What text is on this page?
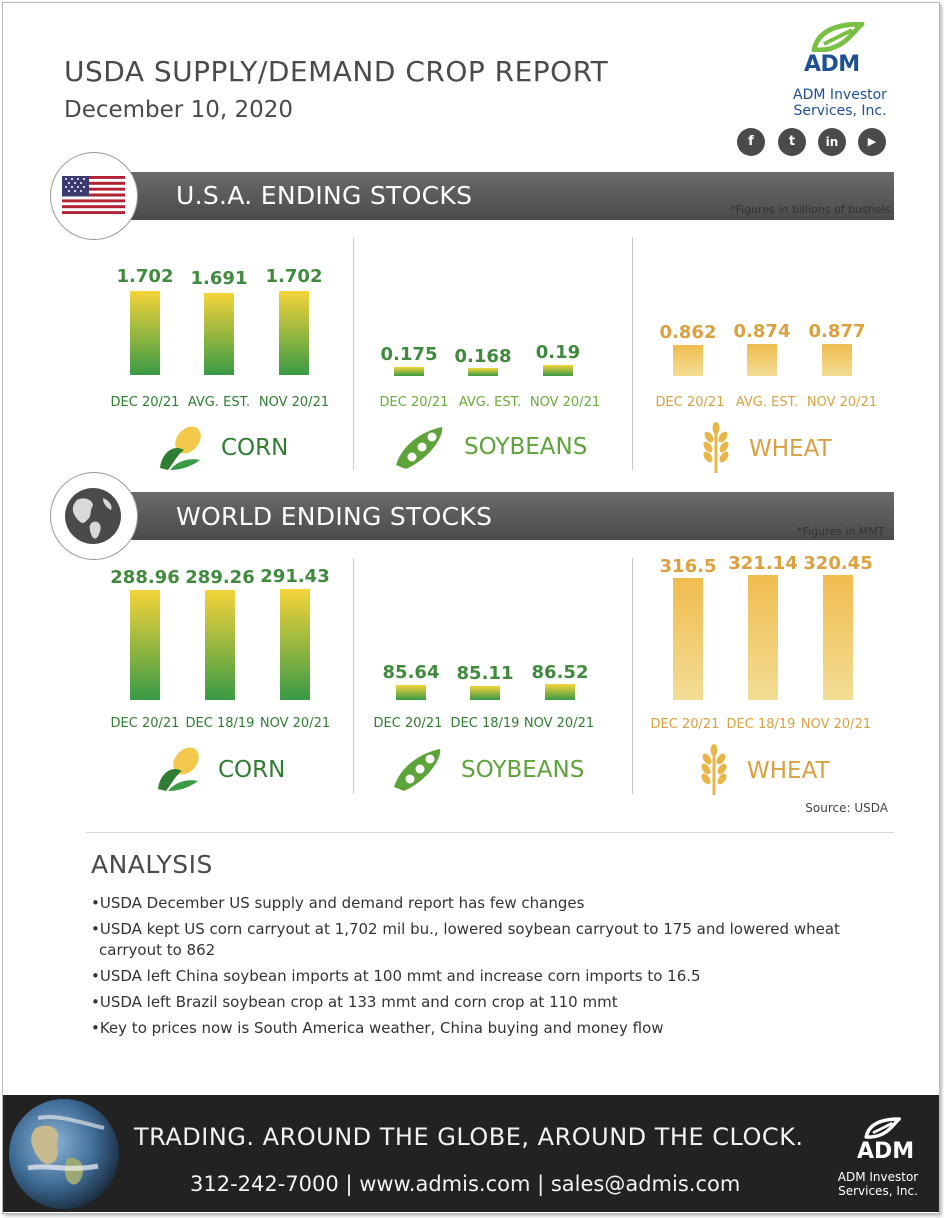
USDA SUPPLY/DEMAND CROP REPORT
December 10, 2020
ADM
ADM Investor
Services, Inc.
f	t	in	▶
U.S.A. ENDING STOCKS	*Figures in billions of bushels
1.702 1.691	1.702
DEC 20/21 AVG. EST. NOV 20/21
CORN
0.175 0.168	0.19
DEC 20/21 AVG. EST. NOV 20/21
SOYBEANS
0.862 0.874	0.877
DEC 20/21 AVG. EST. NOV 20/21
WHEAT
WORLD ENDING STOCKS
*Figures in MMT
288.96 289.26 291.43
DEC 20/21 DEC 18/19 NOV 20/21
CORN
85.64 85.11	86.52
DEC 20/21 DEC 18/19 NOV 20/21
SOYBEANS
316.5 321.14 320.45
DEC 20/21 DEC 18/19 NOV 20/21
WHEAT
Source: USDA
ANALYSIS
•USDA December US supply and demand report has few changes
•USDA kept US corn carryout at 1,702 mil bu., lowered soybean carryout to 175 and lowered wheat carryout to 862
•USDA left China soybean imports at 100 mmt and increase corn imports to 16.5
•USDA left Brazil soybean crop at 133 mmt and corn crop at 110 mmt
•Key to prices now is South America weather, China buying and money flow
TRADING. AROUND THE GLOBE, AROUND THE CLOCK.
312-242-7000 | www.admis.com | sales@admis.com
ADM
ADM Investor
Services, Inc.
